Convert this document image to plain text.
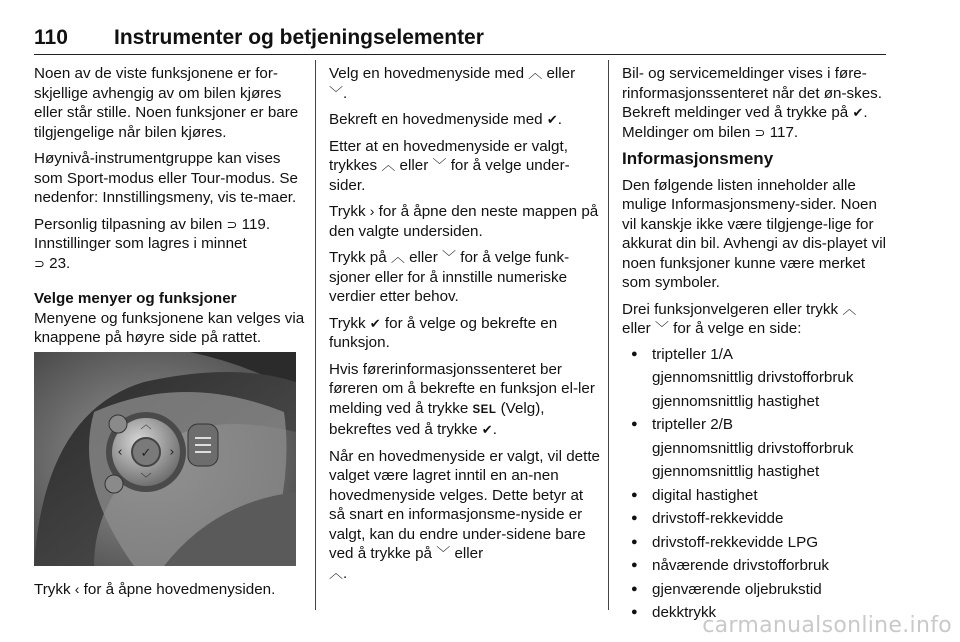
110 Instrumenter og betjeningselementer

Noen av de viste funksjonene er for-skjellige avhengig av om bilen kjøres eller står stille. Noen funksjoner er bare tilgjengelige når bilen kjøres.

Høynivå-instrumentgruppe kan vises som Sport-modus eller Tour-modus. Se nedenfor: Innstillingsmeny, vis te-maer.

Personlig tilpasning av bilen ⊃ 119.
Innstillinger som lagres i minnet
⊃ 23.

Velge menyer og funksjoner

Menyene og funksjonene kan velges via knappene på høyre side på rattet.

✓
︿
﹀
‹	›
Trykk ‹ for å åpne hovedmenysiden.

Velg en hovedmenyside med ︿ eller
﹀.

Bekreft en hovedmenyside med ✔.

Etter at en hovedmenyside er valgt, trykkes ︿ eller ﹀ for å velge under-sider.

Trykk › for å åpne den neste mappen på den valgte undersiden.

Trykk på ︿ eller ﹀ for å velge funk-sjoner eller for å innstille numeriske verdier etter behov.

Trykk ✔ for å velge og bekrefte en funksjon.

Hvis førerinformasjonssenteret ber føreren om å bekrefte en funksjon el-ler melding ved å trykke SEL (Velg), bekreftes ved å trykke ✔.

Når en hovedmenyside er valgt, vil dette valget være lagret inntil en an-nen hovedmenyside velges. Dette betyr at så snart en informasjonsme-nyside er valgt, kan du endre under-sidene bare ved å trykke på ﹀ eller
︿.

Bil- og servicemeldinger vises i føre-rinformasjonssenteret når det øn-skes. Bekreft meldinger ved å trykke på ✔. Meldinger om bilen ⊃ 117.

Informasjonsmeny

Den følgende listen inneholder alle mulige Informasjonsmeny-sider. Noen vil kanskje ikke være tilgjenge-lige for akkurat din bil. Avhengi av dis-playet vil noen funksjoner kunne være merket som symboler.

Drei funksjonvelgeren eller trykk ︿
eller ﹀ for å velge en side:

● tripteller 1/A
gjennomsnittlig drivstofforbruk
gjennomsnittlig hastighet
● tripteller 2/B
gjennomsnittlig drivstofforbruk
gjennomsnittlig hastighet
● digital hastighet
● drivstoff-rekkevidde
● drivstoff-rekkevidde LPG
● nåværende drivstofforbruk
● gjenværende oljebrukstid
● dekktrykk
carmanualsonline.info
